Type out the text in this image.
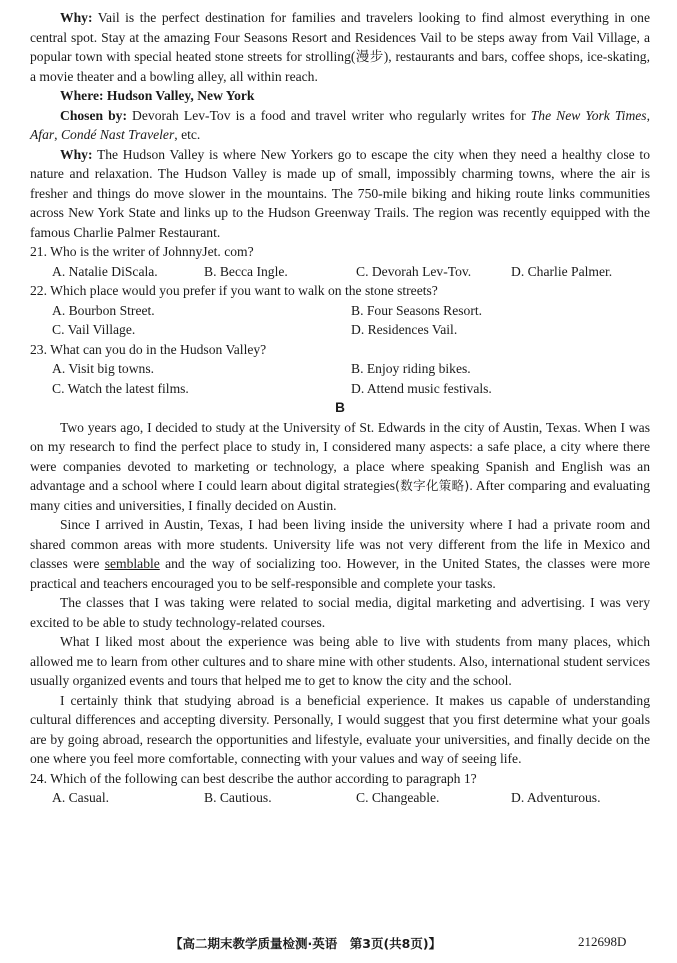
Why: Vail is the perfect destination for families and travelers looking to find almost everything in one central spot. Stay at the amazing Four Seasons Resort and Residences Vail to be steps away from Vail Village, a popular town with special heated stone streets for strolling(漫步), restaurants and bars, coffee shops, ice-skating, a movie theater and a bowling alley, all within reach.

Where: Hudson Valley, New York

Chosen by: Devorah Lev-Tov is a food and travel writer who regularly writes for The New York Times, Afar, Condé Nast Traveler, etc.

Why: The Hudson Valley is where New Yorkers go to escape the city when they need a healthy close to nature and relaxation. The Hudson Valley is made up of small, impossibly charming towns, where the air is fresher and things do move slower in the mountains. The 750-mile biking and hiking route links communities across New York State and links up to the Hudson Greenway Trails. The region was recently equipped with the famous Charlie Palmer Restaurant.

21. Who is the writer of JohnnyJet. com?

A. Natalie DiScala.	B. Becca Ingle.	C. Devorah Lev-Tov.	D. Charlie Palmer.

22. Which place would you prefer if you want to walk on the stone streets?

A. Bourbon Street.	B. Four Seasons Resort.
C. Vail Village.	D. Residences Vail.

23. What can you do in the Hudson Valley?

A. Visit big towns.	B. Enjoy riding bikes.
C. Watch the latest films.	D. Attend music festivals.

B

Two years ago, I decided to study at the University of St. Edwards in the city of Austin, Texas. When I was on my research to find the perfect place to study in, I considered many aspects: a safe place, a city where there were companies devoted to marketing or technology, a place where speaking Spanish and English was an advantage and a school where I could learn about digital strategies(数字化策略). After comparing and evaluating many cities and universities, I finally decided on Austin.

Since I arrived in Austin, Texas, I had been living inside the university where I had a private room and shared common areas with more students. University life was not very different from the life in Mexico and classes were semblable and the way of socializing too. However, in the United States, the classes were more practical and teachers encouraged you to be self-responsible and complete your tasks.

The classes that I was taking were related to social media, digital marketing and advertising. I was very excited to be able to study technology-related courses.

What I liked most about the experience was being able to live with students from many places, which allowed me to learn from other cultures and to share mine with other students. Also, international student services usually organized events and tours that helped me to get to know the city and the school.

I certainly think that studying abroad is a beneficial experience. It makes us capable of understanding cultural differences and accepting diversity. Personally, I would suggest that you first determine what your goals are by going abroad, research the opportunities and lifestyle, evaluate your universities, and finally decide on the one where you feel more comfortable, connecting with your values and way of seeing life.

24. Which of the following can best describe the author according to paragraph 1?

A. Casual.	B. Cautious.	C. Changeable.	D. Adventurous.
【高二期末教学质量检测·英语　第3页(共8页)】	212698D
